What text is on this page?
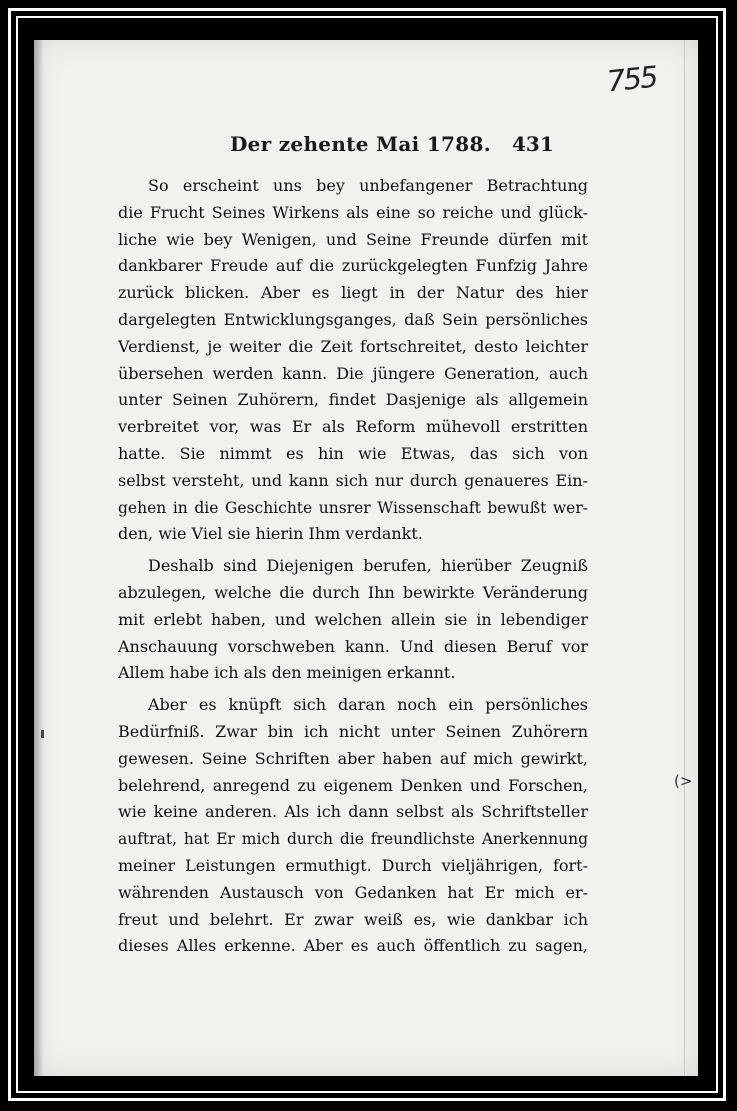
755
Der zehente Mai 1788. 431
So erscheint uns bey unbefangener Betrachtung
die Frucht Seines Wirkens als eine so reiche und glück-
liche wie bey Wenigen, und Seine Freunde dürfen mit
dankbarer Freude auf die zurückgelegten Funfzig Jahre
zurück blicken. Aber es liegt in der Natur des hier
dargelegten Entwicklungsganges, daß Sein persönliches
Verdienst, je weiter die Zeit fortschreitet, desto leichter
übersehen werden kann. Die jüngere Generation, auch
unter Seinen Zuhörern, findet Dasjenige als allgemein
verbreitet vor, was Er als Reform mühevoll erstritten
hatte. Sie nimmt es hin wie Etwas, das sich von
selbst versteht, und kann sich nur durch genaueres Ein-
gehen in die Geschichte unsrer Wissenschaft bewußt wer-
den, wie Viel sie hierin Ihm verdankt.
Deshalb sind Diejenigen berufen, hierüber Zeugniß
abzulegen, welche die durch Ihn bewirkte Veränderung
mit erlebt haben, und welchen allein sie in lebendiger
Anschauung vorschweben kann. Und diesen Beruf vor
Allem habe ich als den meinigen erkannt.
Aber es knüpft sich daran noch ein persönliches
Bedürfniß. Zwar bin ich nicht unter Seinen Zuhörern
gewesen. Seine Schriften aber haben auf mich gewirkt,
belehrend, anregend zu eigenem Denken und Forschen,
wie keine anderen. Als ich dann selbst als Schriftsteller
auftrat, hat Er mich durch die freundlichste Anerkennung
meiner Leistungen ermuthigt. Durch vieljährigen, fort-
währenden Austausch von Gedanken hat Er mich er-
freut und belehrt. Er zwar weiß es, wie dankbar ich
dieses Alles erkenne. Aber es auch öffentlich zu sagen,
(>
